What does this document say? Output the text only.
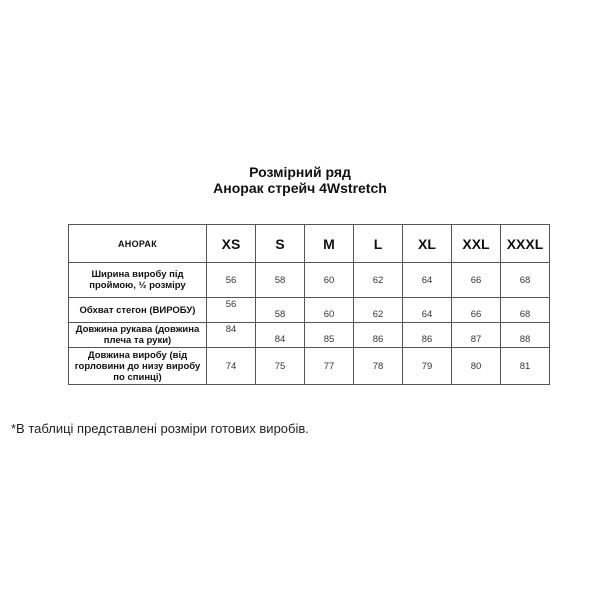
Розмірний ряд
Анорак стрейч 4Wstretch
АНОРАК	XS	S	M	L	XL	XXL	XXXL
Ширина виробу під проймою, ½ розміру	56	58	60	62	64	66	68
Обхват стегон (ВИРОБУ)	56	58	60	62	64	66	68
Довжина рукава (довжина плеча та руки)	84	84	85	86	86	87	88
Довжина виробу (від горловини до низу виробу по спинці)	74	75	77	78	79	80	81
*В таблиці представлені розміри готових виробів.
